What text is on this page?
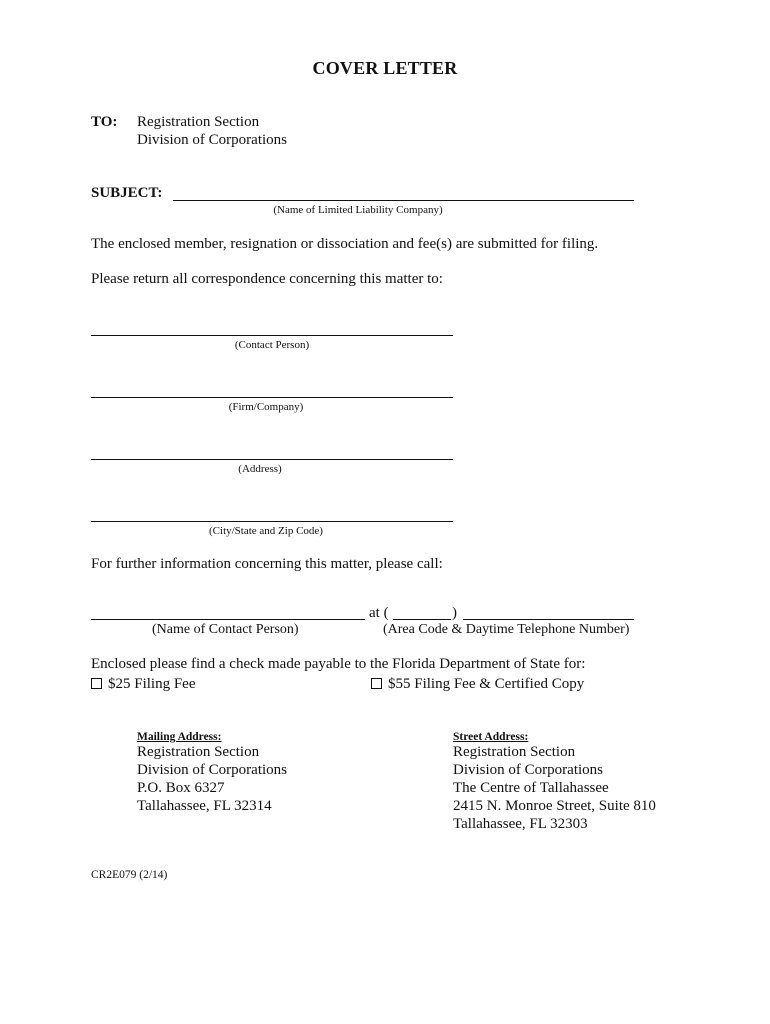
COVER LETTER
TO: Registration Section
Division of Corporations
SUBJECT:
(Name of Limited Liability Company)
The enclosed member, resignation or dissociation and fee(s) are submitted for filing.
Please return all correspondence concerning this matter to:
(Contact Person)
(Firm/Company)
(Address)
(City/State and Zip Code)
For further information concerning this matter, please call:
at (	)
(Name of Contact Person)	(Area Code & Daytime Telephone Number)
Enclosed please find a check made payable to the Florida Department of State for:
$25 Filing Fee	$55 Filing Fee & Certified Copy
Mailing Address:
Registration Section
Division of Corporations
P.O. Box 6327
Tallahassee, FL 32314
Street Address:
Registration Section
Division of Corporations
The Centre of Tallahassee
2415 N. Monroe Street, Suite 810
Tallahassee, FL 32303
CR2E079 (2/14)
